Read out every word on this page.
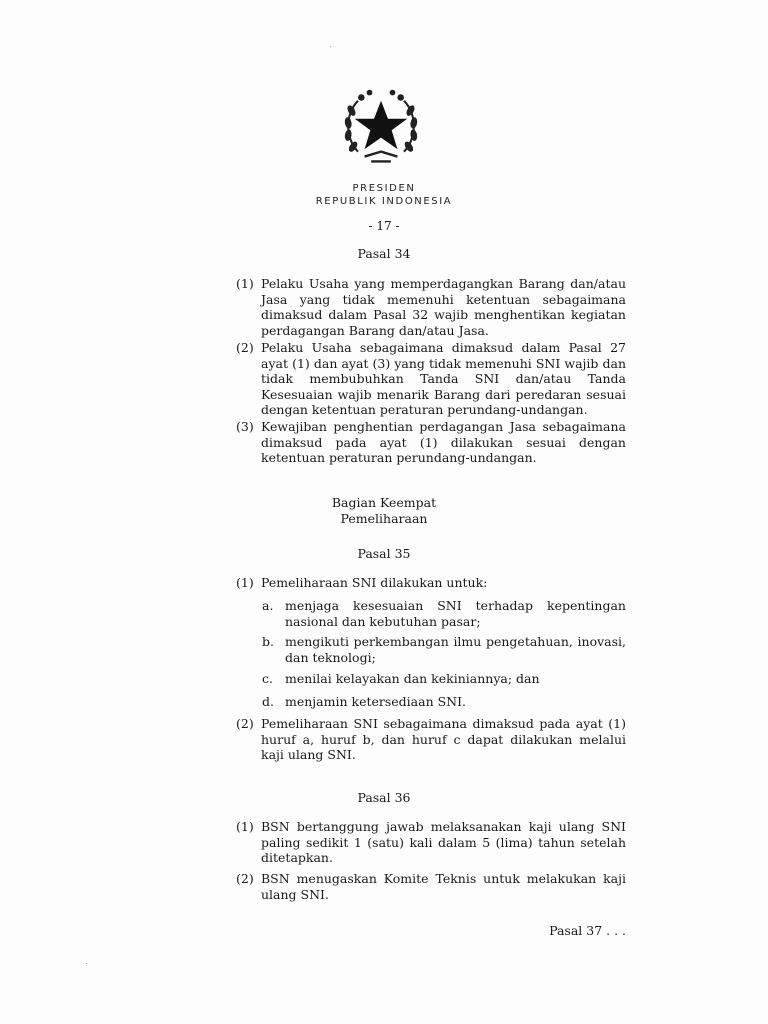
PRESIDEN
REPUBLIK INDONESIA
- 17 -
Pasal 34
(1) Pelaku Usaha yang memperdagangkan Barang dan/atau Jasa yang tidak memenuhi ketentuan sebagaimana dimaksud dalam Pasal 32 wajib menghentikan kegiatan perdagangan Barang dan/atau Jasa.
(2) Pelaku Usaha sebagaimana dimaksud dalam Pasal 27 ayat (1) dan ayat (3) yang tidak memenuhi SNI wajib dan tidak membubuhkan Tanda SNI dan/atau Tanda Kesesuaian wajib menarik Barang dari peredaran sesuai dengan ketentuan peraturan perundang-undangan.
(3) Kewajiban penghentian perdagangan Jasa sebagaimana dimaksud pada ayat (1) dilakukan sesuai dengan ketentuan peraturan perundang-undangan.
Bagian Keempat
Pemeliharaan
Pasal 35
(1) Pemeliharaan SNI dilakukan untuk:
a. menjaga kesesuaian SNI terhadap kepentingan nasional dan kebutuhan pasar;
b. mengikuti perkembangan ilmu pengetahuan, inovasi, dan teknologi;
c. menilai kelayakan dan kekiniannya; dan
d. menjamin ketersediaan SNI.
(2) Pemeliharaan SNI sebagaimana dimaksud pada ayat (1) huruf a, huruf b, dan huruf c dapat dilakukan melalui kaji ulang SNI.
Pasal 36
(1) BSN bertanggung jawab melaksanakan kaji ulang SNI paling sedikit 1 (satu) kali dalam 5 (lima) tahun setelah ditetapkan.
(2) BSN menugaskan Komite Teknis untuk melakukan kaji ulang SNI.
Pasal 37 . . .
